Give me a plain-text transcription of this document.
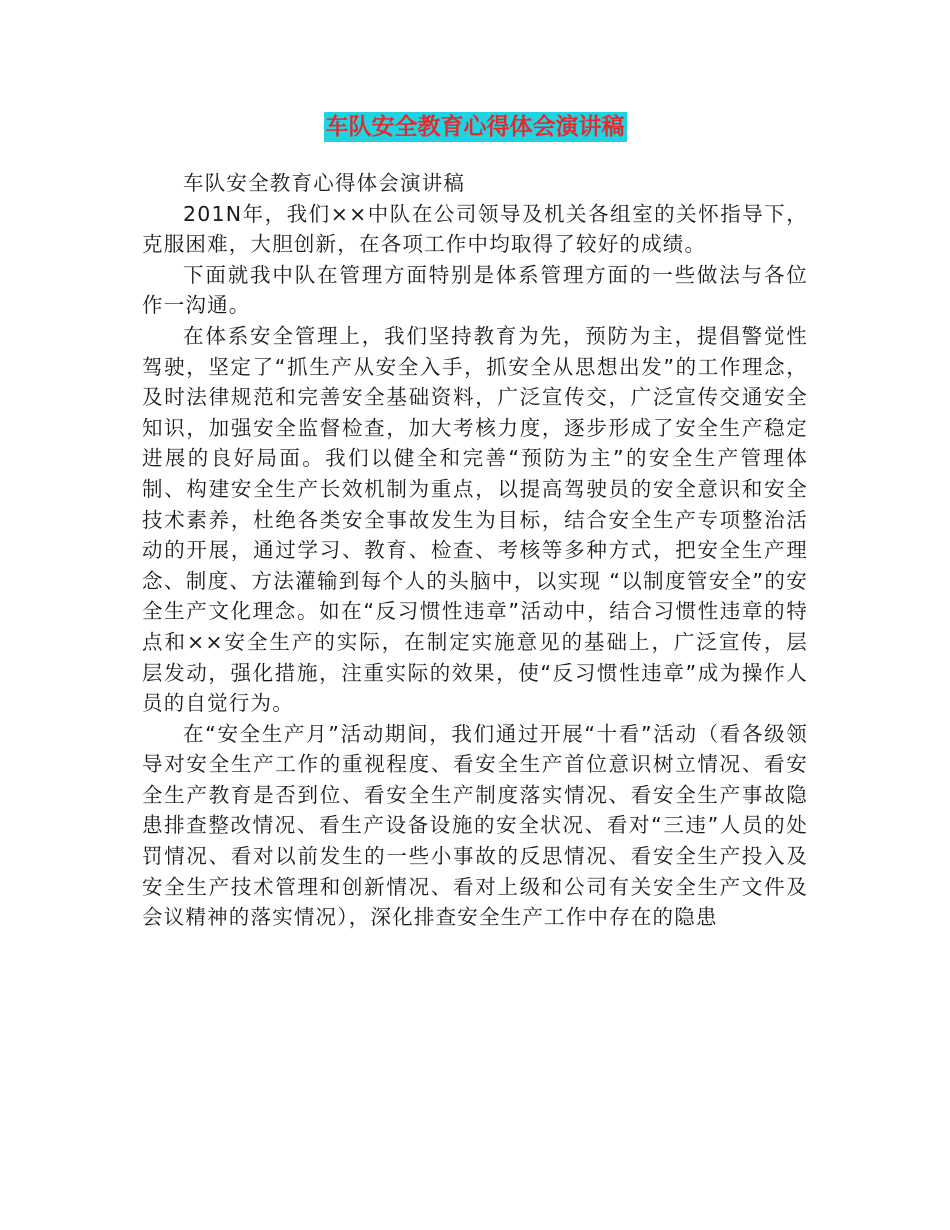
车队安全教育心得体会演讲稿

车队安全教育心得体会演讲稿

201N年，我们××中队在公司领导及机关各组室的关怀指导下，克服困难，大胆创新，在各项工作中均取得了较好的成绩。

下面就我中队在管理方面特别是体系管理方面的一些做法与各位作一沟通。

在体系安全管理上，我们坚持教育为先，预防为主，提倡警觉性驾驶，坚定了“抓生产从安全入手，抓安全从思想出发”的工作理念，及时法律规范和完善安全基础资料，广泛宣传交，广泛宣传交通安全知识，加强安全监督检查，加大考核力度，逐步形成了安全生产稳定进展的良好局面。我们以健全和完善“预防为主”的安全生产管理体制、构建安全生产长效机制为重点，以提高驾驶员的安全意识和安全技术素养，杜绝各类安全事故发生为目标，结合安全生产专项整治活动的开展，通过学习、教育、检查、考核等多种方式，把安全生产理念、制度、方法灌输到每个人的头脑中，以实现 “以制度管安全”的安全生产文化理念。如在“反习惯性违章”活动中，结合习惯性违章的特点和××安全生产的实际，在制定实施意见的基础上，广泛宣传，层层发动，强化措施，注重实际的效果，使“反习惯性违章”成为操作人员的自觉行为。

在“安全生产月”活动期间，我们通过开展“十看”活动（看各级领导对安全生产工作的重视程度、看安全生产首位意识树立情况、看安全生产教育是否到位、看安全生产制度落实情况、看安全生产事故隐患排查整改情况、看生产设备设施的安全状况、看对“三违”人员的处罚情况、看对以前发生的一些小事故的反思情况、看安全生产投入及安全生产技术管理和创新情况、看对上级和公司有关安全生产文件及会议精神的落实情况），深化排查安全生产工作中存在的隐患
